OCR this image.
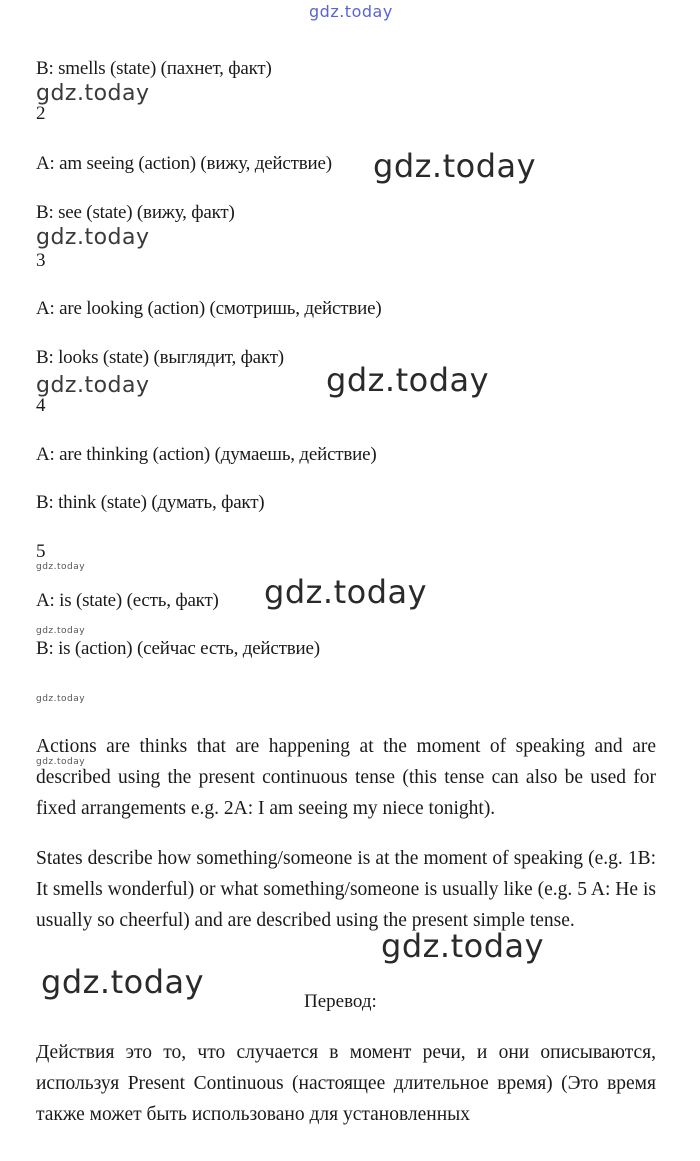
gdz.today
B: smells (state) (пахнет, факт)
gdz.today
2
A: am seeing (action) (вижу, действие) gdz.today
B: see (state) (вижу, факт)
gdz.today
3
A: are looking (action) (смотришь, действие)
B: looks (state) (выглядит, факт)
gdz.today
gdz.today
4
A: are thinking (action) (думаешь, действие)
B: think (state) (думать, факт)
5
gdz.today
A: is (state) (есть, факт) gdz.today
gdz.today
B: is (action) (сейчас есть, действие)
gdz.today
Actions are thinks that are happening at the moment of speaking and are described using the present continuous tense (this tense can also be used for fixed arrangements e.g. 2A: I am seeing my niece tonight).
gdz.today
States describe how something/someone is at the moment of speaking (e.g. 1B: It smells wonderful) or what something/someone is usually like (e.g. 5 A: He is usually so cheerful) and are described using the present simple tense.
gdz.today
gdz.today
Перевод:
Действия это то, что случается в момент речи, и они описываются, используя Present Continuous (настоящее длительное время) (Это время также может быть использовано для установленных
